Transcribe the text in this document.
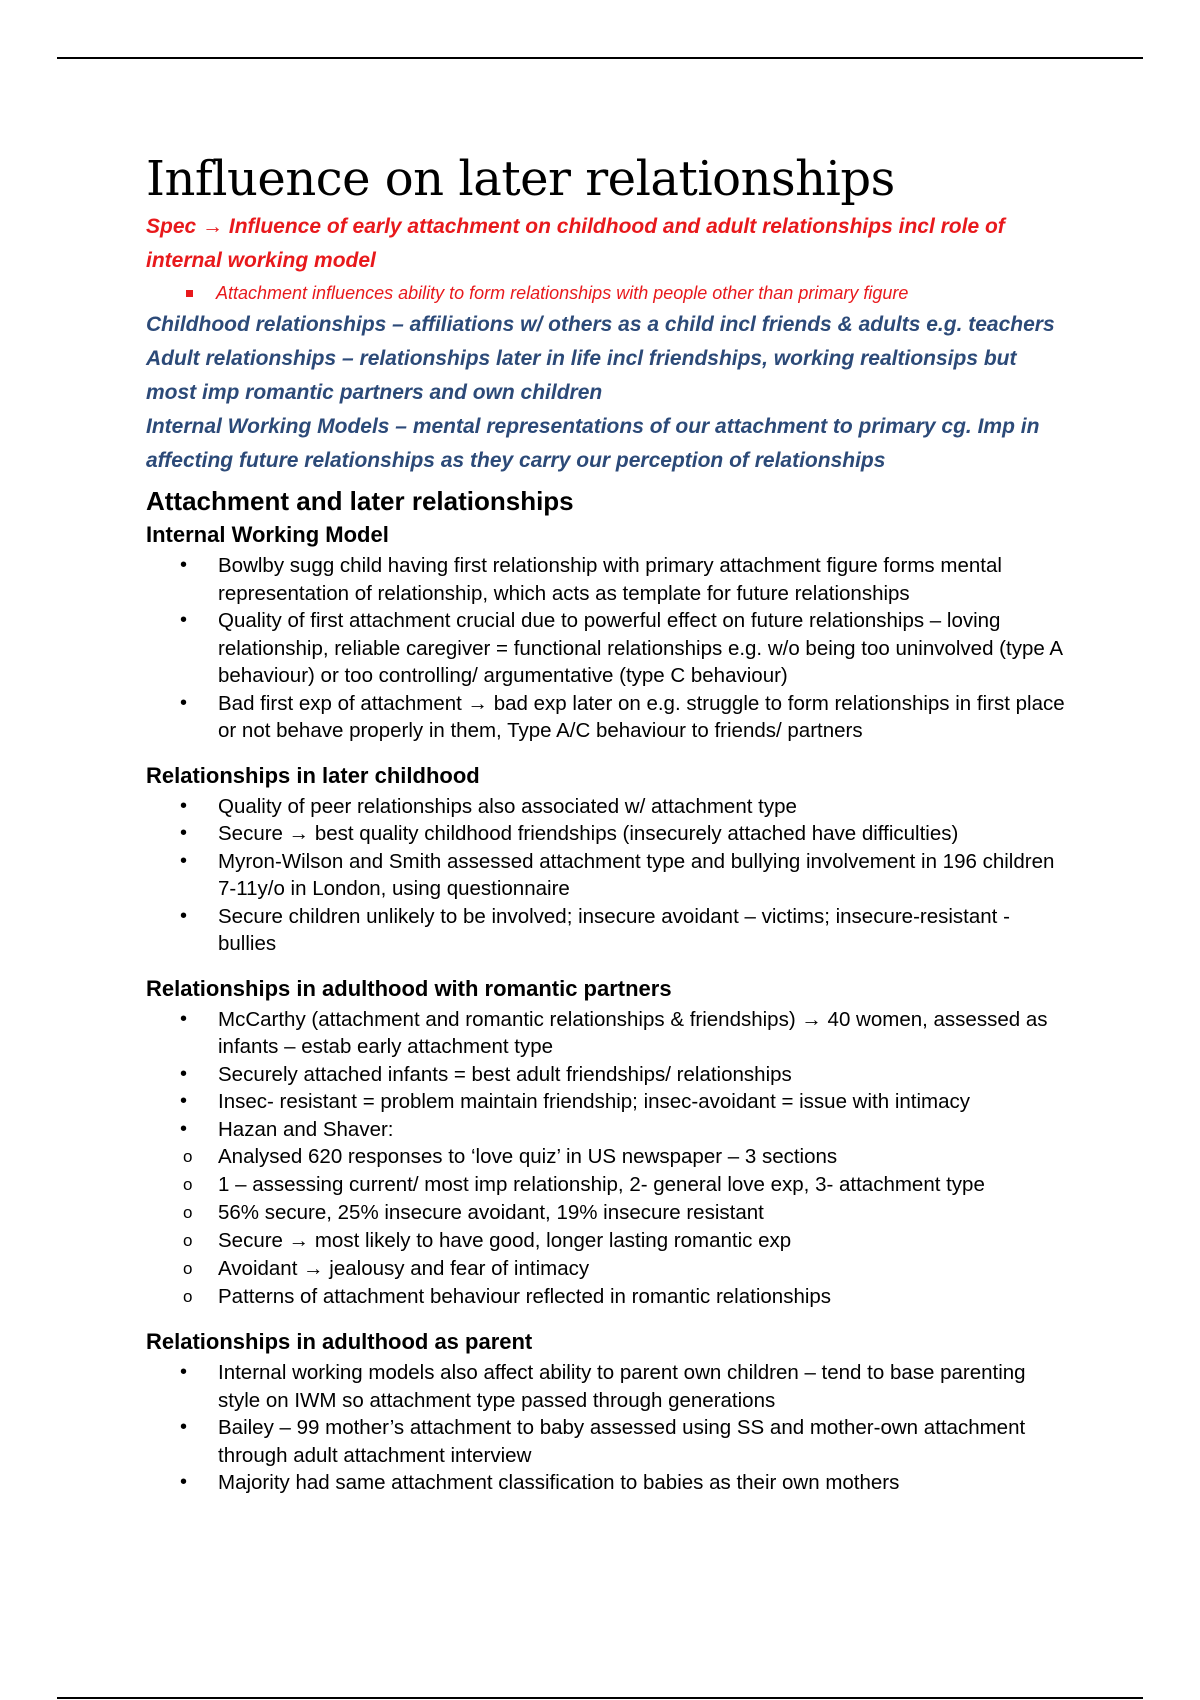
Influence on later relationships

Spec → Influence of early attachment on childhood and adult relationships incl role of internal working model

Attachment influences ability to form relationships with people other than primary figure

Childhood relationships – affiliations w/ others as a child incl friends & adults e.g. teachers

Adult relationships – relationships later in life incl friendships, working realtionsips but most imp romantic partners and own children

Internal Working Models – mental representations of our attachment to primary cg. Imp in affecting future relationships as they carry our perception of relationships

Attachment and later relationships
Internal Working Model
• Bowlby sugg child having first relationship with primary attachment figure forms mental representation of relationship, which acts as template for future relationships
• Quality of first attachment crucial due to powerful effect on future relationships – loving relationship, reliable caregiver = functional relationships e.g. w/o being too uninvolved (type A behaviour) or too controlling/ argumentative (type C behaviour)
• Bad first exp of attachment → bad exp later on e.g. struggle to form relationships in first place or not behave properly in them, Type A/C behaviour to friends/ partners
Relationships in later childhood
• Quality of peer relationships also associated w/ attachment type
• Secure → best quality childhood friendships (insecurely attached have difficulties)
• Myron-Wilson and Smith assessed attachment type and bullying involvement in 196 children 7-11y/o in London, using questionnaire
• Secure children unlikely to be involved; insecure avoidant – victims; insecure-resistant -bullies
Relationships in adulthood with romantic partners
• McCarthy (attachment and romantic relationships & friendships) → 40 women, assessed as infants – estab early attachment type
• Securely attached infants = best adult friendships/ relationships
• Insec- resistant = problem maintain friendship; insec-avoidant = issue with intimacy
• Hazan and Shaver:
o Analysed 620 responses to ‘love quiz’ in US newspaper – 3 sections
o 1 – assessing current/ most imp relationship, 2- general love exp, 3- attachment type
o 56% secure, 25% insecure avoidant, 19% insecure resistant
o Secure → most likely to have good, longer lasting romantic exp
o Avoidant → jealousy and fear of intimacy
o Patterns of attachment behaviour reflected in romantic relationships
Relationships in adulthood as parent
• Internal working models also affect ability to parent own children – tend to base parenting style on IWM so attachment type passed through generations
• Bailey – 99 mother’s attachment to baby assessed using SS and mother-own attachment through adult attachment interview
• Majority had same attachment classification to babies as their own mothers
